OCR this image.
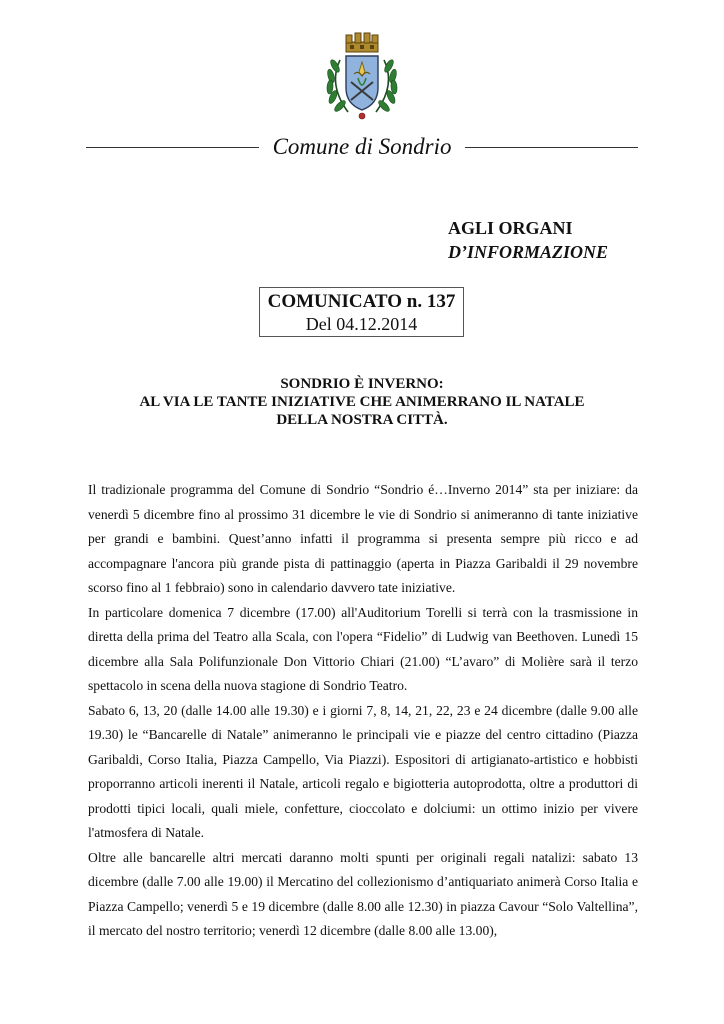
Comune di Sondrio
AGLI ORGANI
D’INFORMAZIONE
COMUNICATO n. 137
Del 04.12.2014
SONDRIO È INVERNO:
AL VIA LE TANTE INIZIATIVE CHE ANIMERRANO IL NATALE
DELLA NOSTRA CITTÀ.

Il tradizionale programma del Comune di Sondrio “Sondrio é…Inverno 2014” sta per iniziare: da venerdì 5 dicembre fino al prossimo 31 dicembre le vie di Sondrio si animeranno di tante iniziative per grandi e bambini. Quest’anno infatti il programma si presenta sempre più ricco e ad accompagnare l'ancora più grande pista di pattinaggio (aperta in Piazza Garibaldi il 29 novembre scorso fino al 1 febbraio) sono in calendario davvero tate iniziative.

In particolare domenica 7 dicembre (17.00) all'Auditorium Torelli si terrà con la trasmissione in diretta della prima del Teatro alla Scala, con l'opera “Fidelio” di Ludwig van Beethoven. Lunedì 15 dicembre alla Sala Polifunzionale Don Vittorio Chiari (21.00) “L’avaro” di Molière sarà il terzo spettacolo in scena della nuova stagione di Sondrio Teatro.

Sabato 6, 13, 20 (dalle 14.00 alle 19.30) e i giorni 7, 8, 14, 21, 22, 23 e 24 dicembre (dalle 9.00 alle 19.30) le “Bancarelle di Natale” animeranno le principali vie e piazze del centro cittadino (Piazza Garibaldi, Corso Italia, Piazza Campello, Via Piazzi). Espositori di artigianato-artistico e hobbisti proporranno articoli inerenti il Natale, articoli regalo e bigiotteria autoprodotta, oltre a produttori di prodotti tipici locali, quali miele, confetture, cioccolato e dolciumi: un ottimo inizio per vivere l'atmosfera di Natale.

Oltre alle bancarelle altri mercati daranno molti spunti per originali regali natalizi: sabato 13 dicembre (dalle 7.00 alle 19.00) il Mercatino del collezionismo d’antiquariato animerà Corso Italia e Piazza Campello; venerdì 5 e 19 dicembre (dalle 8.00 alle 12.30) in piazza Cavour “Solo Valtellina”, il mercato del nostro territorio; venerdì 12 dicembre (dalle 8.00 alle 13.00),
